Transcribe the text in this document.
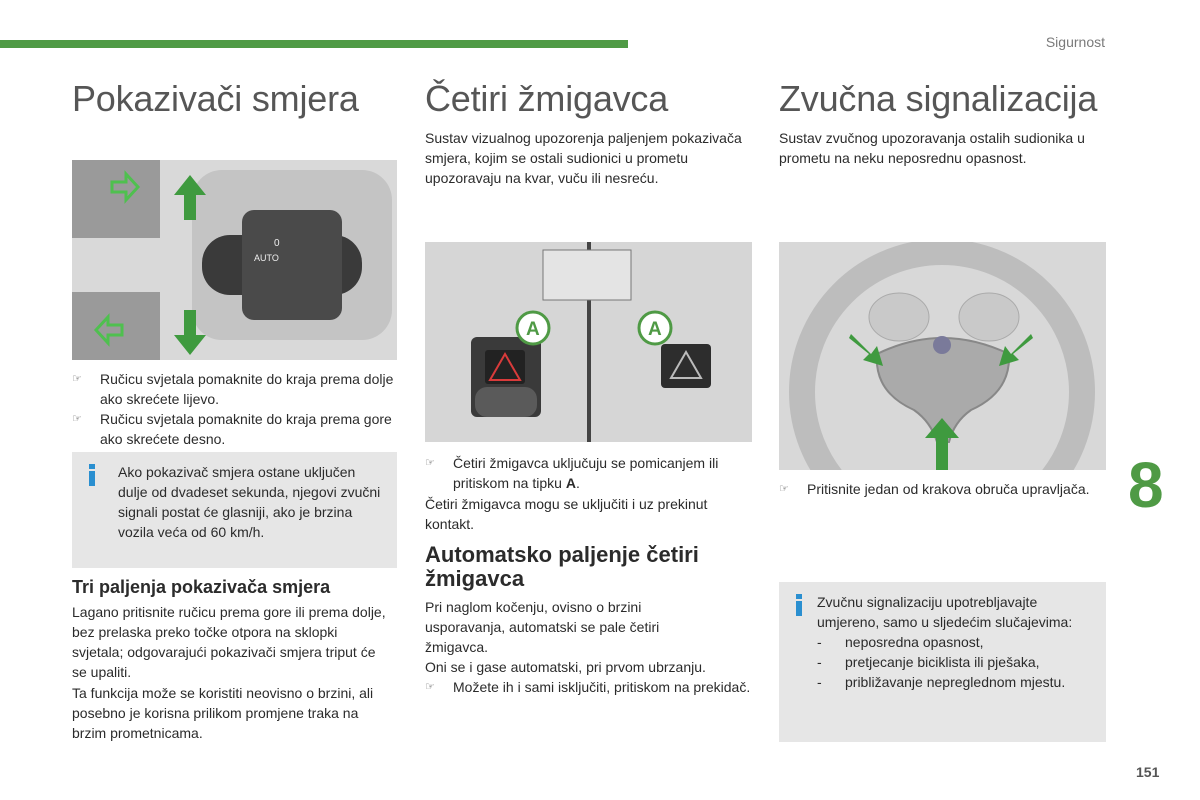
Sigurnost
Pokazivači smjera
AUTO
0
☞ Ručicu svjetala pomaknite do kraja prema dolje ako skrećete lijevo.
☞ Ručicu svjetala pomaknite do kraja prema gore ako skrećete desno.
Ako pokazivač smjera ostane uključen dulje od dvadeset sekunda, njegovi zvučni signali postat će glasniji, ako je brzina vozila veća od 60 km/h.
Tri paljenja pokazivača smjera

Lagano pritisnite ručicu prema gore ili prema dolje, bez prelaska preko točke otpora na sklopki svjetala; odgovarajući pokazivači smjera triput će se upaliti.

Ta funkcija može se koristiti neovisno o brzini, ali posebno je korisna prilikom promjene traka na brzim prometnicama.

Četiri žmigavca

Sustav vizualnog upozorenja paljenjem pokazivača smjera, kojim se ostali sudionici u prometu upozoravaju na kvar, vuču ili nesreću.

A	A
☞ Četiri žmigavca uključuju se pomicanjem ili pritiskom na tipku A.

Četiri žmigavca mogu se uključiti i uz prekinut kontakt.

Automatsko paljenje četiri žmigavca

Pri naglom kočenju, ovisno o brzini usporavanja, automatski se pale četiri žmigavca.

Oni se i gase automatski, pri prvom ubrzanju.

☞ Možete ih i sami isključiti, pritiskom na prekidač.
Zvučna signalizacija

Sustav zvučnog upozoravanja ostalih sudionika u prometu na neku neposrednu opasnost.

☞ Pritisnite jedan od krakova obruča upravljača.
Zvučnu signalizaciju upotrebljavajte umjereno, samo u sljedećim slučajevima:
- neposredna opasnost,
- pretjecanje biciklista ili pješaka,
- približavanje nepreglednom mjestu.
8
151
